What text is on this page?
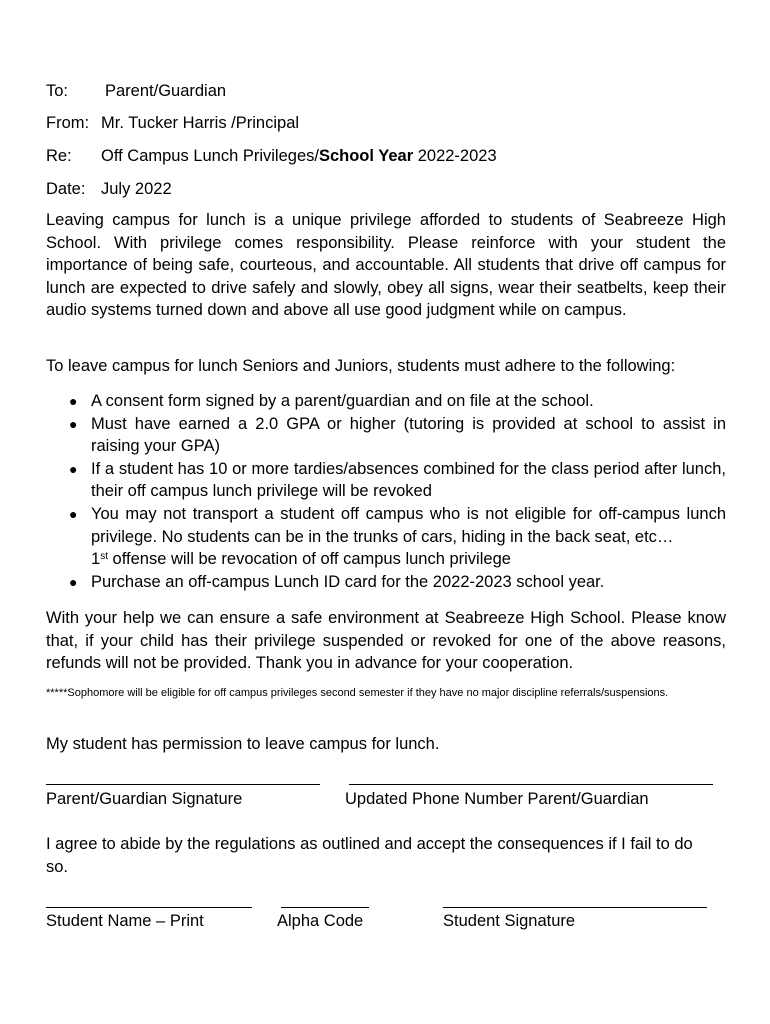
To: Parent/Guardian
From: Mr. Tucker Harris /Principal
Re: Off Campus Lunch Privileges/School Year 2022-2023
Date: July 2022

Leaving campus for lunch is a unique privilege afforded to students of Seabreeze High School. With privilege comes responsibility. Please reinforce with your student the importance of being safe, courteous, and accountable. All students that drive off campus for lunch are expected to drive safely and slowly, obey all signs, wear their seatbelts, keep their audio systems turned down and above all use good judgment while on campus.

To leave campus for lunch Seniors and Juniors, students must adhere to the following:

● A consent form signed by a parent/guardian and on file at the school.
● Must have earned a 2.0 GPA or higher (tutoring is provided at school to assist in raising your GPA)
● If a student has 10 or more tardies/absences combined for the class period after lunch, their off campus lunch privilege will be revoked
● You may not transport a student off campus who is not eligible for off-campus lunch privilege. No students can be in the trunks of cars, hiding in the back seat, etc…
1st offense will be revocation of off campus lunch privilege
● Purchase an off-campus Lunch ID card for the 2022-2023 school year.

With your help we can ensure a safe environment at Seabreeze High School. Please know that, if your child has their privilege suspended or revoked for one of the above reasons, refunds will not be provided. Thank you in advance for your cooperation.

*****Sophomore will be eligible for off campus privileges second semester if they have no major discipline referrals/suspensions.

My student has permission to leave campus for lunch.
Parent/Guardian Signature	Updated Phone Number Parent/Guardian

I agree to abide by the regulations as outlined and accept the consequences if I fail to do so.

Student Name – Print	Alpha Code	Student Signature
